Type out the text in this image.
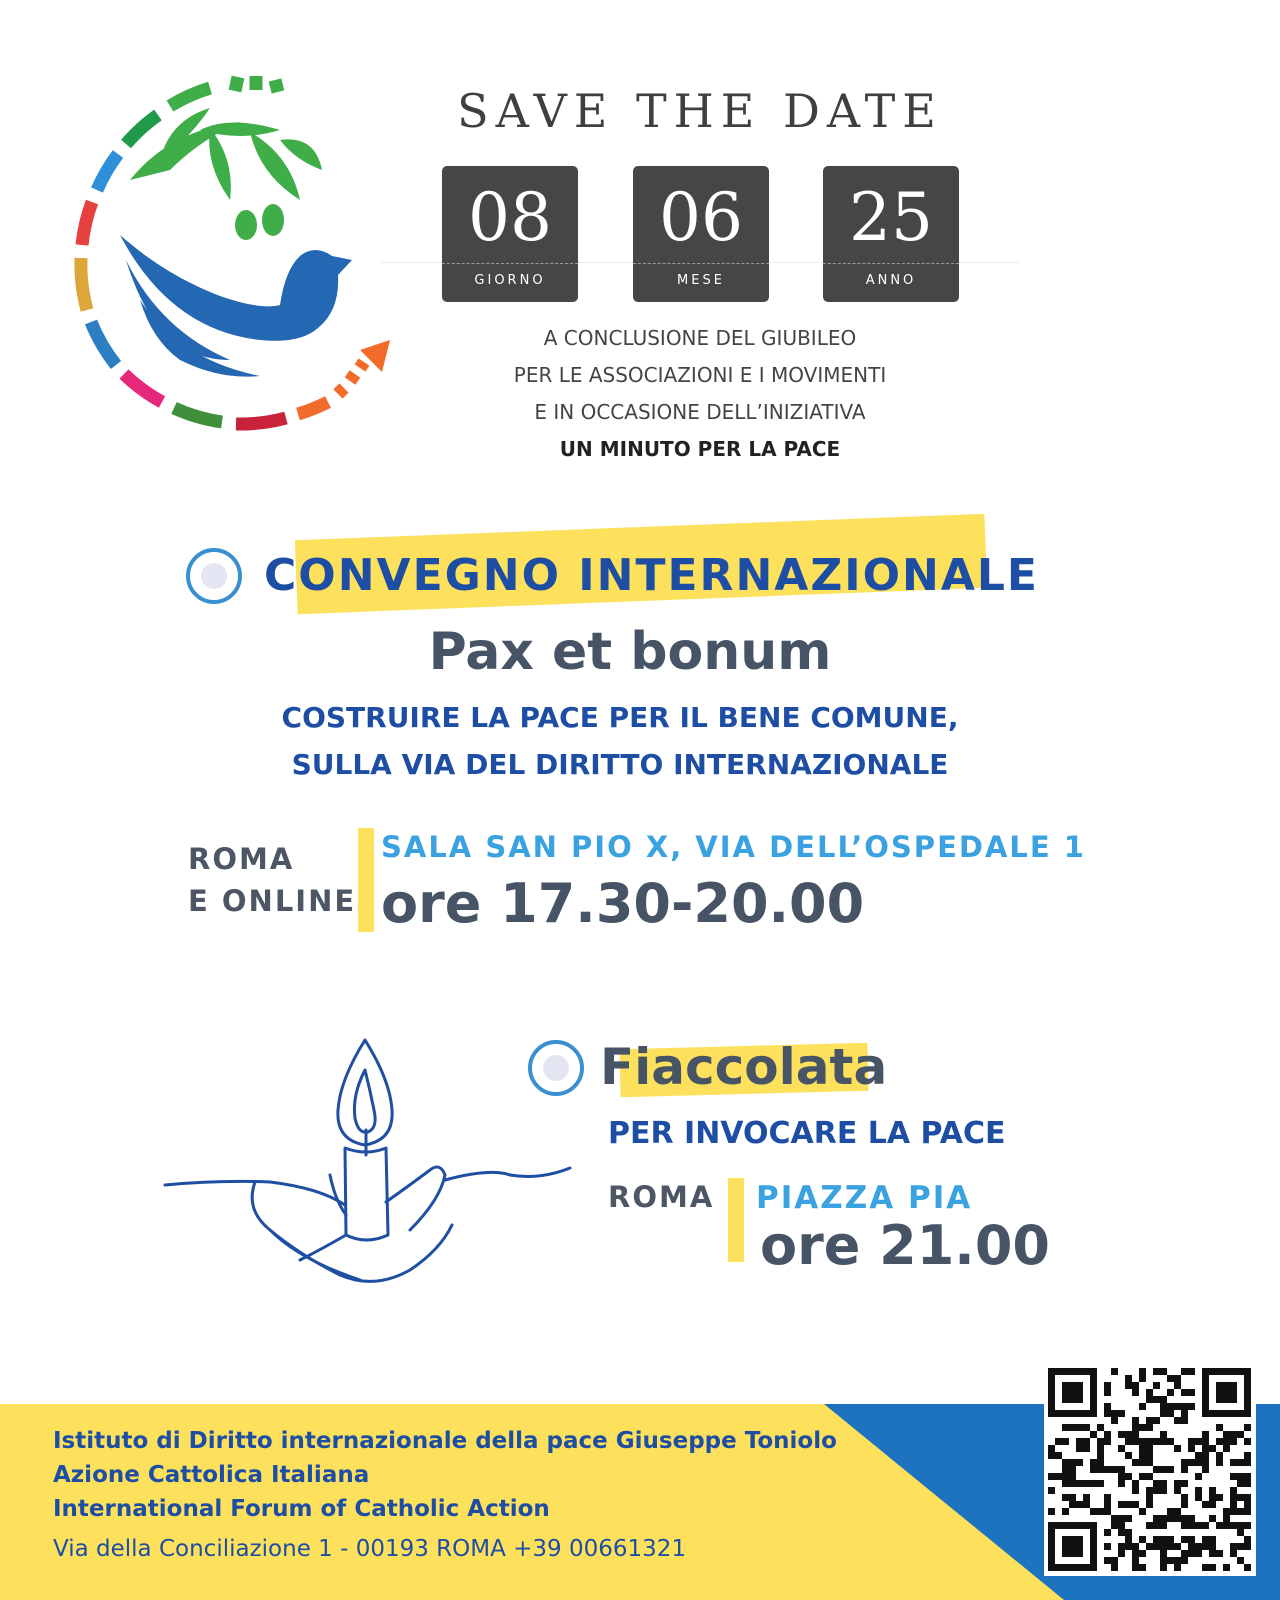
SAVE THE DATE
08
GIORNO
06
MESE
25
ANNO
A CONCLUSIONE DEL GIUBILEO
PER LE ASSOCIAZIONI E I MOVIMENTI
E IN OCCASIONE DELL’INIZIATIVA
UN MINUTO PER LA PACE
CONVEGNO INTERNAZIONALE
Pax et bonum
COSTRUIRE LA PACE PER IL BENE COMUNE,
SULLA VIA DEL DIRITTO INTERNAZIONALE
ROMA
E ONLINE
SALA SAN PIO X, VIA DELL’OSPEDALE 1
ore 17.30-20.00
Fiaccolata
PER INVOCARE LA PACE
ROMA PIAZZA PIA
ore 21.00
Istituto di Diritto internazionale della pace Giuseppe Toniolo
Azione Cattolica Italiana
International Forum of Catholic Action
Via della Conciliazione 1 - 00193 ROMA +39 00661321
